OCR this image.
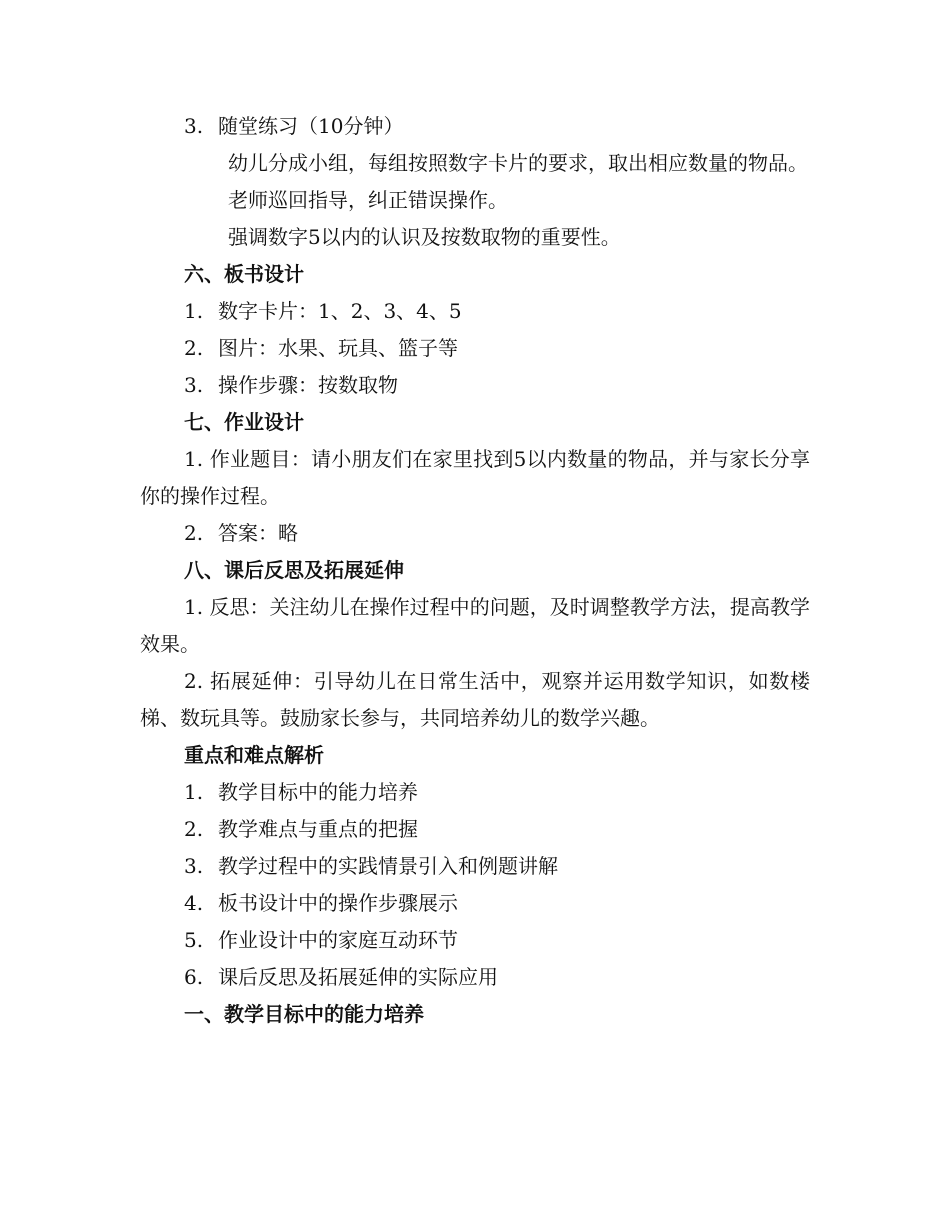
3. 随堂练习（10分钟）
幼儿分成小组，每组按照数字卡片的要求，取出相应数量的物品。
老师巡回指导，纠正错误操作。
强调数字5以内的认识及按数取物的重要性。
六、板书设计
1. 数字卡片：1、2、3、4、5
2. 图片：水果、玩具、篮子等
3. 操作步骤：按数取物
七、作业设计
1. 作业题目：请小朋友们在家里找到5以内数量的物品，并与家长分享你的操作过程。
2. 答案：略
八、课后反思及拓展延伸
1. 反思：关注幼儿在操作过程中的问题，及时调整教学方法，提高教学效果。
2. 拓展延伸：引导幼儿在日常生活中，观察并运用数学知识，如数楼梯、数玩具等。鼓励家长参与，共同培养幼儿的数学兴趣。
重点和难点解析
1. 教学目标中的能力培养
2. 教学难点与重点的把握
3. 教学过程中的实践情景引入和例题讲解
4. 板书设计中的操作步骤展示
5. 作业设计中的家庭互动环节
6. 课后反思及拓展延伸的实际应用
一、教学目标中的能力培养
